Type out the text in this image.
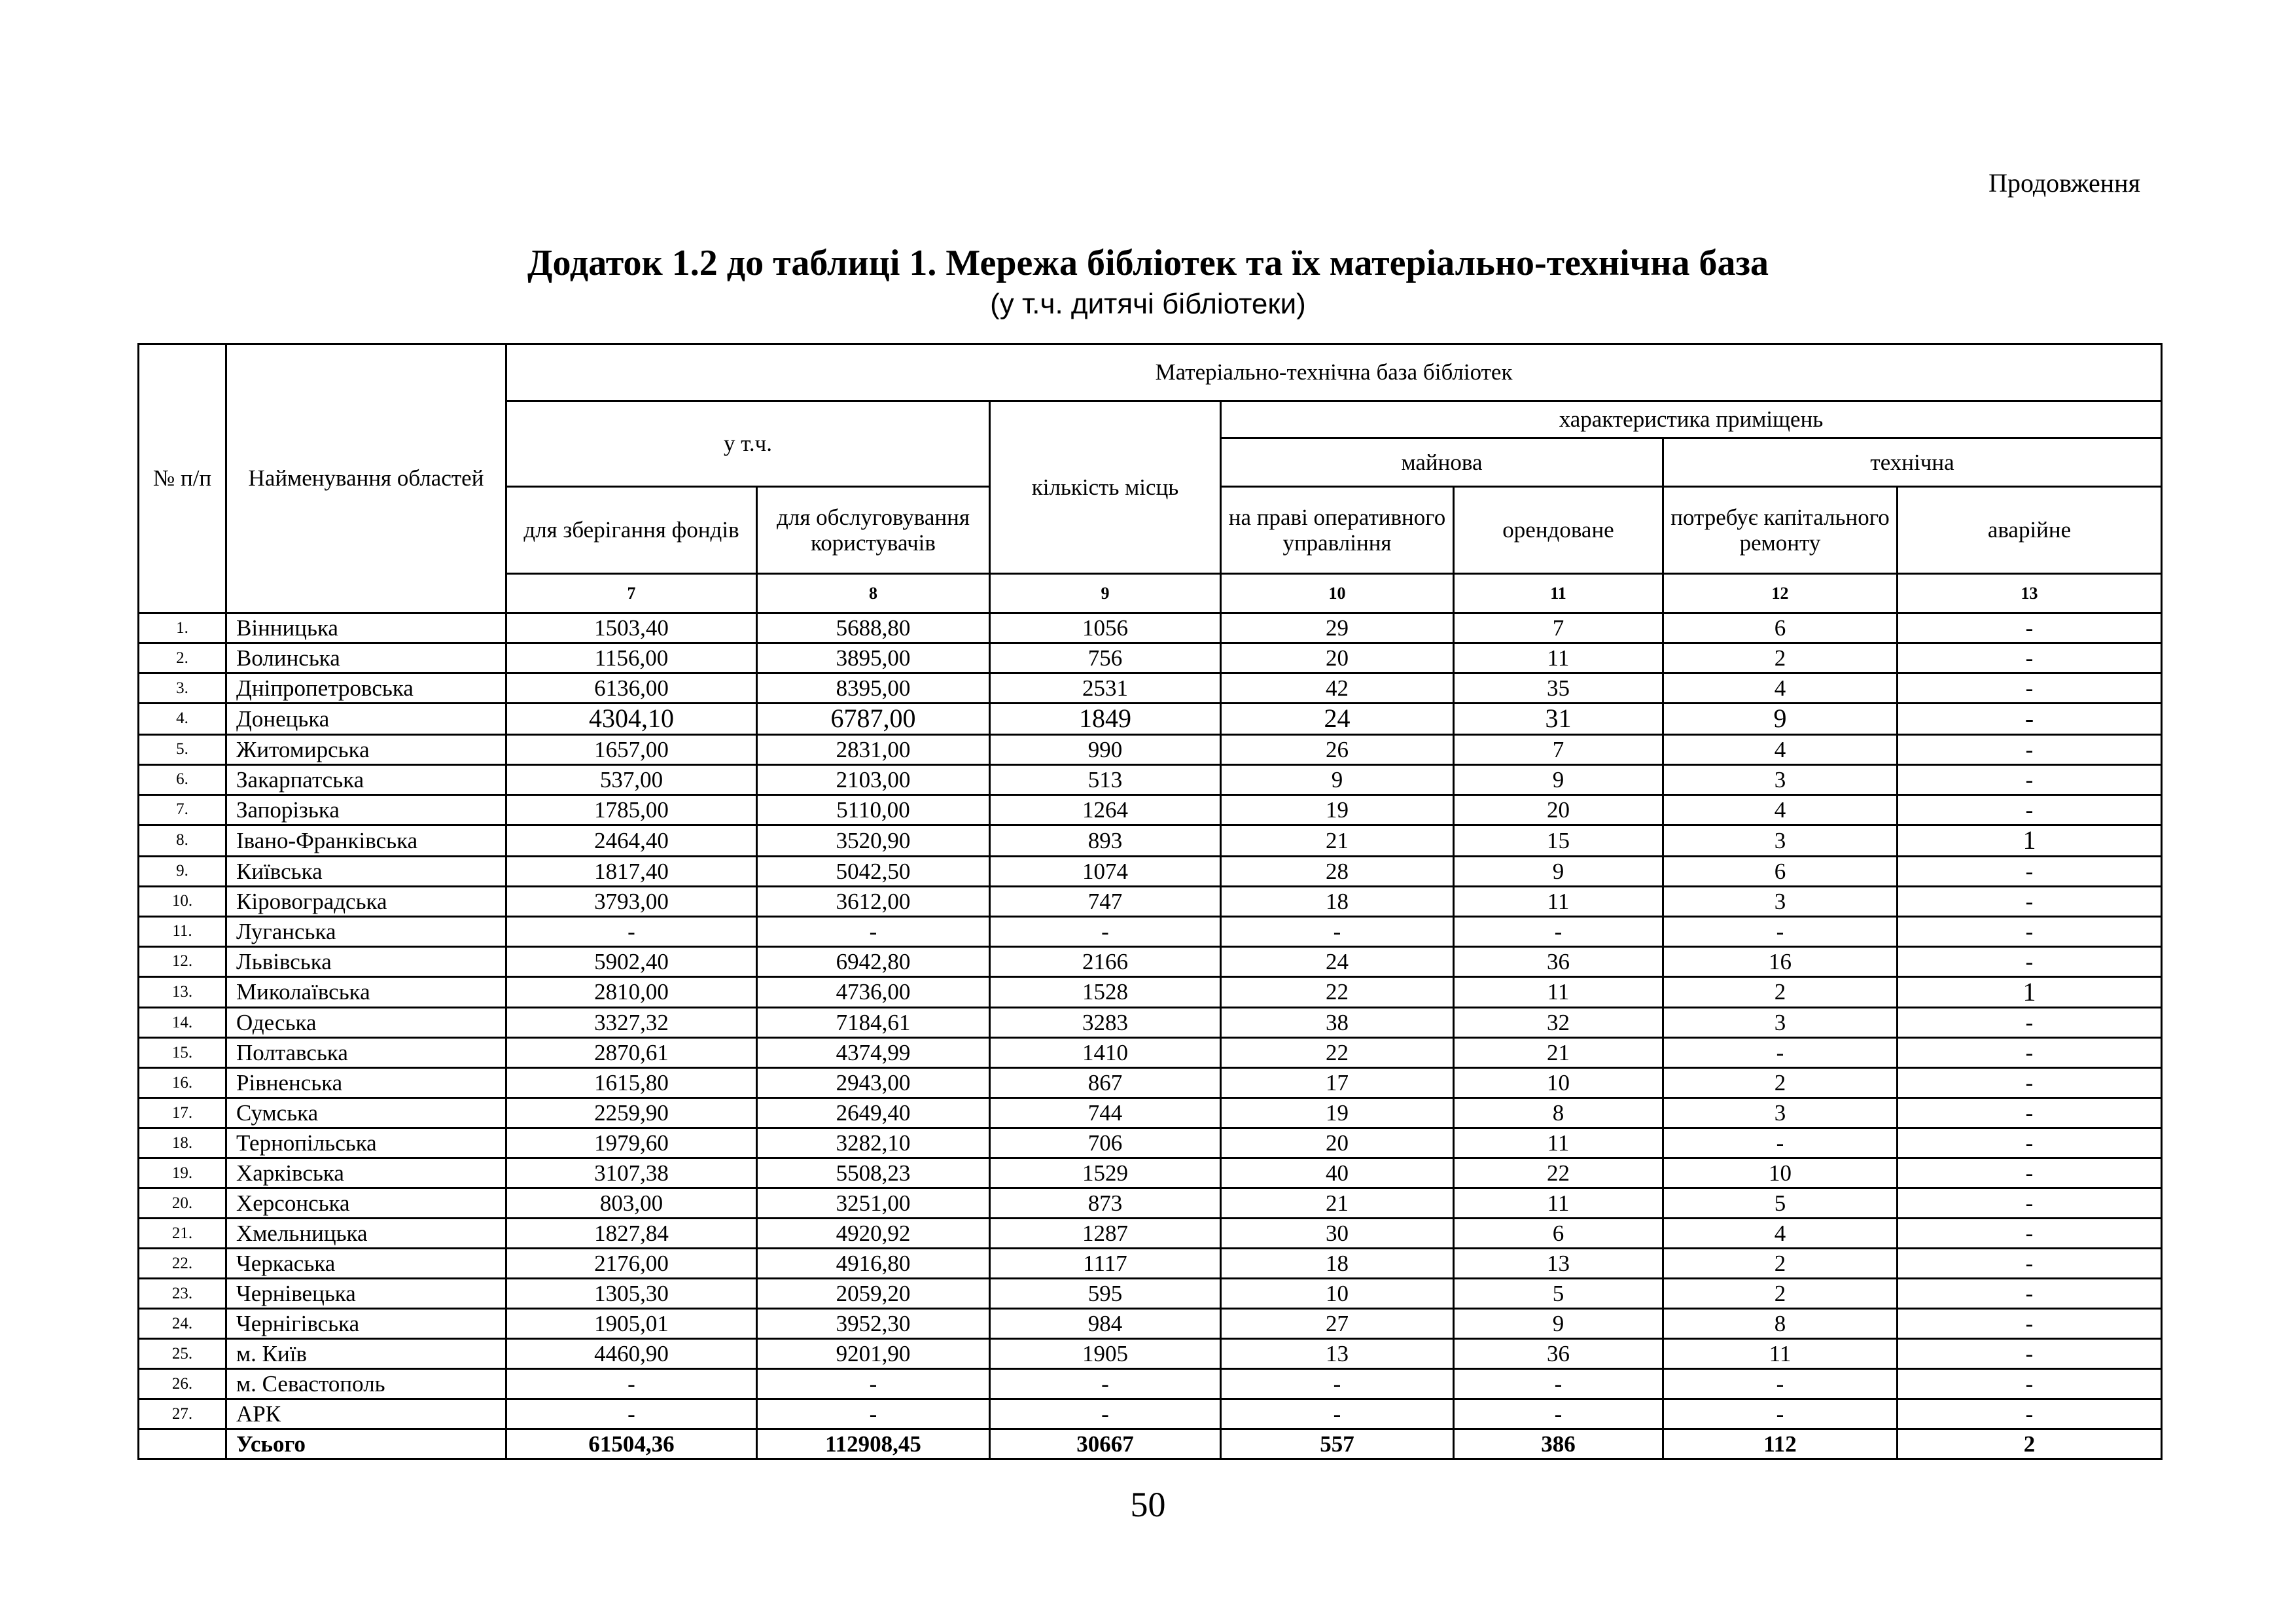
Продовження
Додаток 1.2 до таблиці 1. Мережа бібліотек та їх матеріально-технічна база
(у т.ч. дитячі бібліотеки)
№ п/п	Найменування областей	Матеріально-технічна база бібліотек						
		у т.ч.		кількість місць	характеристика приміщень			
					майнова		технічна	
		для зберігання фондів	для обслуговування користувачів		на праві оперативного управління	орендоване	потребує капітального ремонту	аварійне
		7	8	9	10	11	12	13
1.	Вінницька	1503,40	5688,80	1056	29	7	6	-
2.	Волинська	1156,00	3895,00	756	20	11	2	-
3.	Дніпропетровська	6136,00	8395,00	2531	42	35	4	-
4.	Донецька	4304,10	6787,00	1849	24	31	9	-
5.	Житомирська	1657,00	2831,00	990	26	7	4	-
6.	Закарпатська	537,00	2103,00	513	9	9	3	-
7.	Запорізька	1785,00	5110,00	1264	19	20	4	-
8.	Івано-Франківська	2464,40	3520,90	893	21	15	3	1
9.	Київська	1817,40	5042,50	1074	28	9	6	-
10.	Кіровоградська	3793,00	3612,00	747	18	11	3	-
11.	Луганська	-	-	-	-	-	-	-
12.	Львівська	5902,40	6942,80	2166	24	36	16	-
13.	Миколаївська	2810,00	4736,00	1528	22	11	2	1
14.	Одеська	3327,32	7184,61	3283	38	32	3	-
15.	Полтавська	2870,61	4374,99	1410	22	21	-	-
16.	Рівненська	1615,80	2943,00	867	17	10	2	-
17.	Сумська	2259,90	2649,40	744	19	8	3	-
18.	Тернопільська	1979,60	3282,10	706	20	11	-	-
19.	Харківська	3107,38	5508,23	1529	40	22	10	-
20.	Херсонська	803,00	3251,00	873	21	11	5	-
21.	Хмельницька	1827,84	4920,92	1287	30	6	4	-
22.	Черкаська	2176,00	4916,80	1117	18	13	2	-
23.	Чернівецька	1305,30	2059,20	595	10	5	2	-
24.	Чернігівська	1905,01	3952,30	984	27	9	8	-
25.	м. Київ	4460,90	9201,90	1905	13	36	11	-
26.	м. Севастополь	-	-	-	-	-	-	-
27.	АРК	-	-	-	-	-	-	-
	Усього	61504,36	112908,45	30667	557	386	112	2
50
